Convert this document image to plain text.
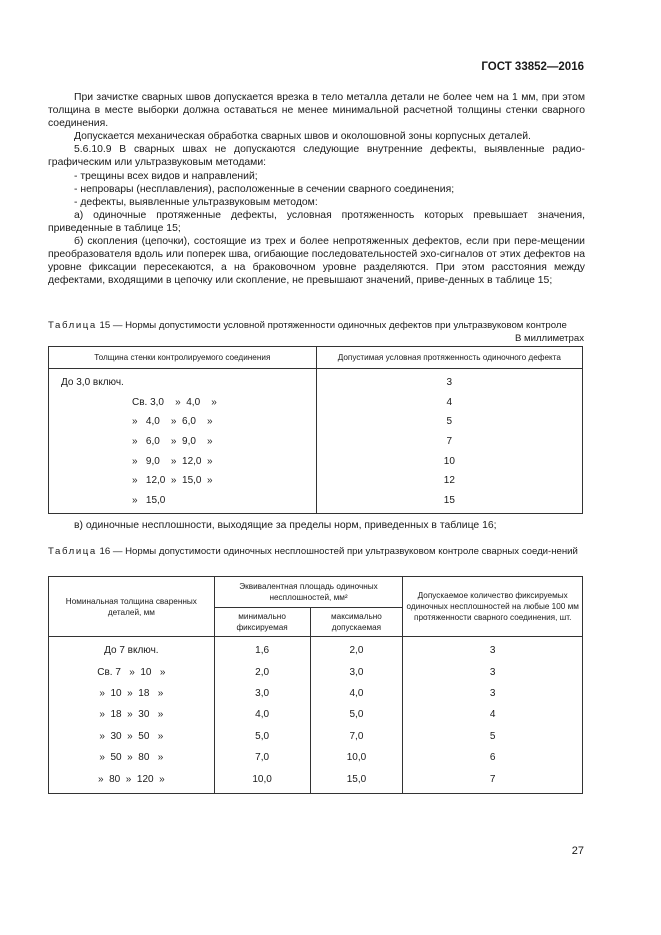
ГОСТ 33852—2016

При зачистке сварных швов допускается врезка в тело металла детали не более чем на 1 мм, при этом толщина в месте выборки должна оставаться не менее минимальной расчетной толщины стенки сварного соединения.

Допускается механическая обработка сварных швов и околошовной зоны корпусных деталей.

5.6.10.9 В сварных швах не допускаются следующие внутренние дефекты, выявленные радио-графическим или ультразвуковым методами:

- трещины всех видов и направлений;

- непровары (несплавления), расположенные в сечении сварного соединения;

- дефекты, выявленные ультразвуковым методом:

а) одиночные протяженные дефекты, условная протяженность которых превышает значения, приведенные в таблице 15;

б) скопления (цепочки), состоящие из трех и более непротяженных дефектов, если при пере-мещении преобразователя вдоль или поперек шва, огибающие последовательностей эхо-сигналов от этих дефектов на уровне фиксации пересекаются, а на браковочном уровне разделяются. При этом расстояния между дефектами, входящими в цепочку или скопление, не превышают значений, приве-денных в таблице 15;

Таблица 15 — Нормы допустимости условной протяженности одиночных дефектов при ультразвуковом контроле
В миллиметрах
Толщина стенки контролируемого соединения	Допустимая условная протяженность одиночного дефекта
До 3,0 включ.	3
Св. 3,0    »  4,0    »	4
»   4,0    »  6,0    »	5
»   6,0    »  9,0    »	7
»   9,0    »  12,0  »	10
»   12,0  »  15,0  »	12
»   15,0	15

в) одиночные несплошности, выходящие за пределы норм, приведенных в таблице 16;

Таблица 16 — Нормы допустимости одиночных несплошностей при ультразвуковом контроле сварных соеди-нений
Номинальная толщина сваренных деталей, мм	Эквивалентная площадь одиночных несплошностей, мм²		Допускаемое количество фиксируемых одиночных несплошностей на любые 100 мм протяженности сварного соединения, шт.
	минимально фиксируемая	максимально допускаемая	
До 7 включ.	1,6	2,0	3
Св. 7   »  10   »	2,0	3,0	3
»  10  »  18   »	3,0	4,0	3
»  18  »  30   »	4,0	5,0	4
»  30  »  50   »	5,0	7,0	5
»  50  »  80   »	7,0	10,0	6
»  80  »  120  »	10,0	15,0	7
27
